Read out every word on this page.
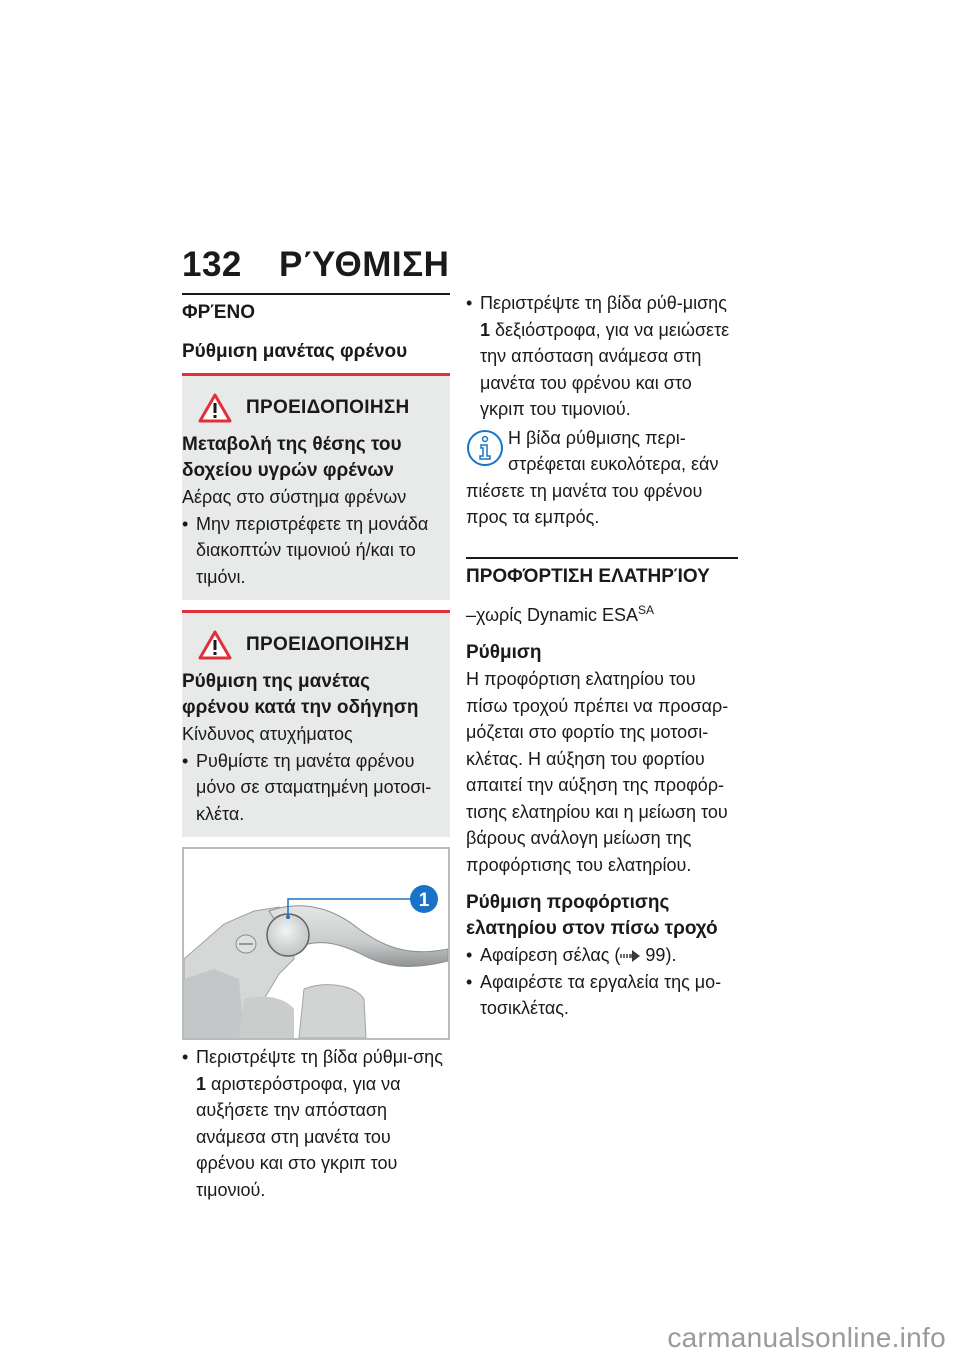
132 ΡΎΘΜΙΣΗ
ΦΡΈΝΟ
Ρύθμιση μανέτας φρένου
ΠΡΟΕΙΔΟΠΟΙΗΣΗ
Μεταβολή της θέσης του
δοχείου υγρών φρένων
Αέρας στο σύστημα φρένων
• Μην περιστρέφετε τη μονάδα διακοπτών τιμονιού ή/και το τιμόνι.
ΠΡΟΕΙΔΟΠΟΙΗΣΗ
Ρύθμιση της μανέτας
φρένου κατά την οδήγηση
Κίνδυνος ατυχήματος
• Ρυθμίστε τη μανέτα φρένου μόνο σε σταματημένη μοτοσι-κλέτα.
1
• Περιστρέψτε τη βίδα ρύθμι-σης 1 αριστερόστροφα, για να αυξήσετε την απόσταση ανάμεσα στη μανέτα του φρένου και στο γκριπ του τιμονιού.
• Περιστρέψτε τη βίδα ρύθ-μισης 1 δεξιόστροφα, για να μειώσετε την απόσταση ανάμεσα στη μανέτα του φρένου και στο γκριπ του τιμονιού.
Η βίδα ρύθμισης περι-
στρέφεται ευκολότερα, εάν
πιέσετε τη μανέτα του φρένου προς τα εμπρός.
ΠΡΟΦΌΡΤΙΣΗ ΕΛΑΤΗΡΊΟΥ
–χωρίς Dynamic $ESA^{SA}$
Ρύθμιση
Η προφόρτιση ελατηρίου του πίσω τροχού πρέπει να προσαρ-μόζεται στο φορτίο της μοτοσι-κλέτας. Η αύξηση του φορτίου απαιτεί την αύξηση της προφόρ-τισης ελατηρίου και η μείωση του βάρους ανάλογη μείωση της προφόρτισης του ελατηρίου.
Ρύθμιση προφόρτισης
ελατηρίου στον πίσω τροχό
• Αφαίρεση σέλας ( 99).
• Αφαιρέστε τα εργαλεία της μο-τοσικλέτας.
carmanualsonline.info
